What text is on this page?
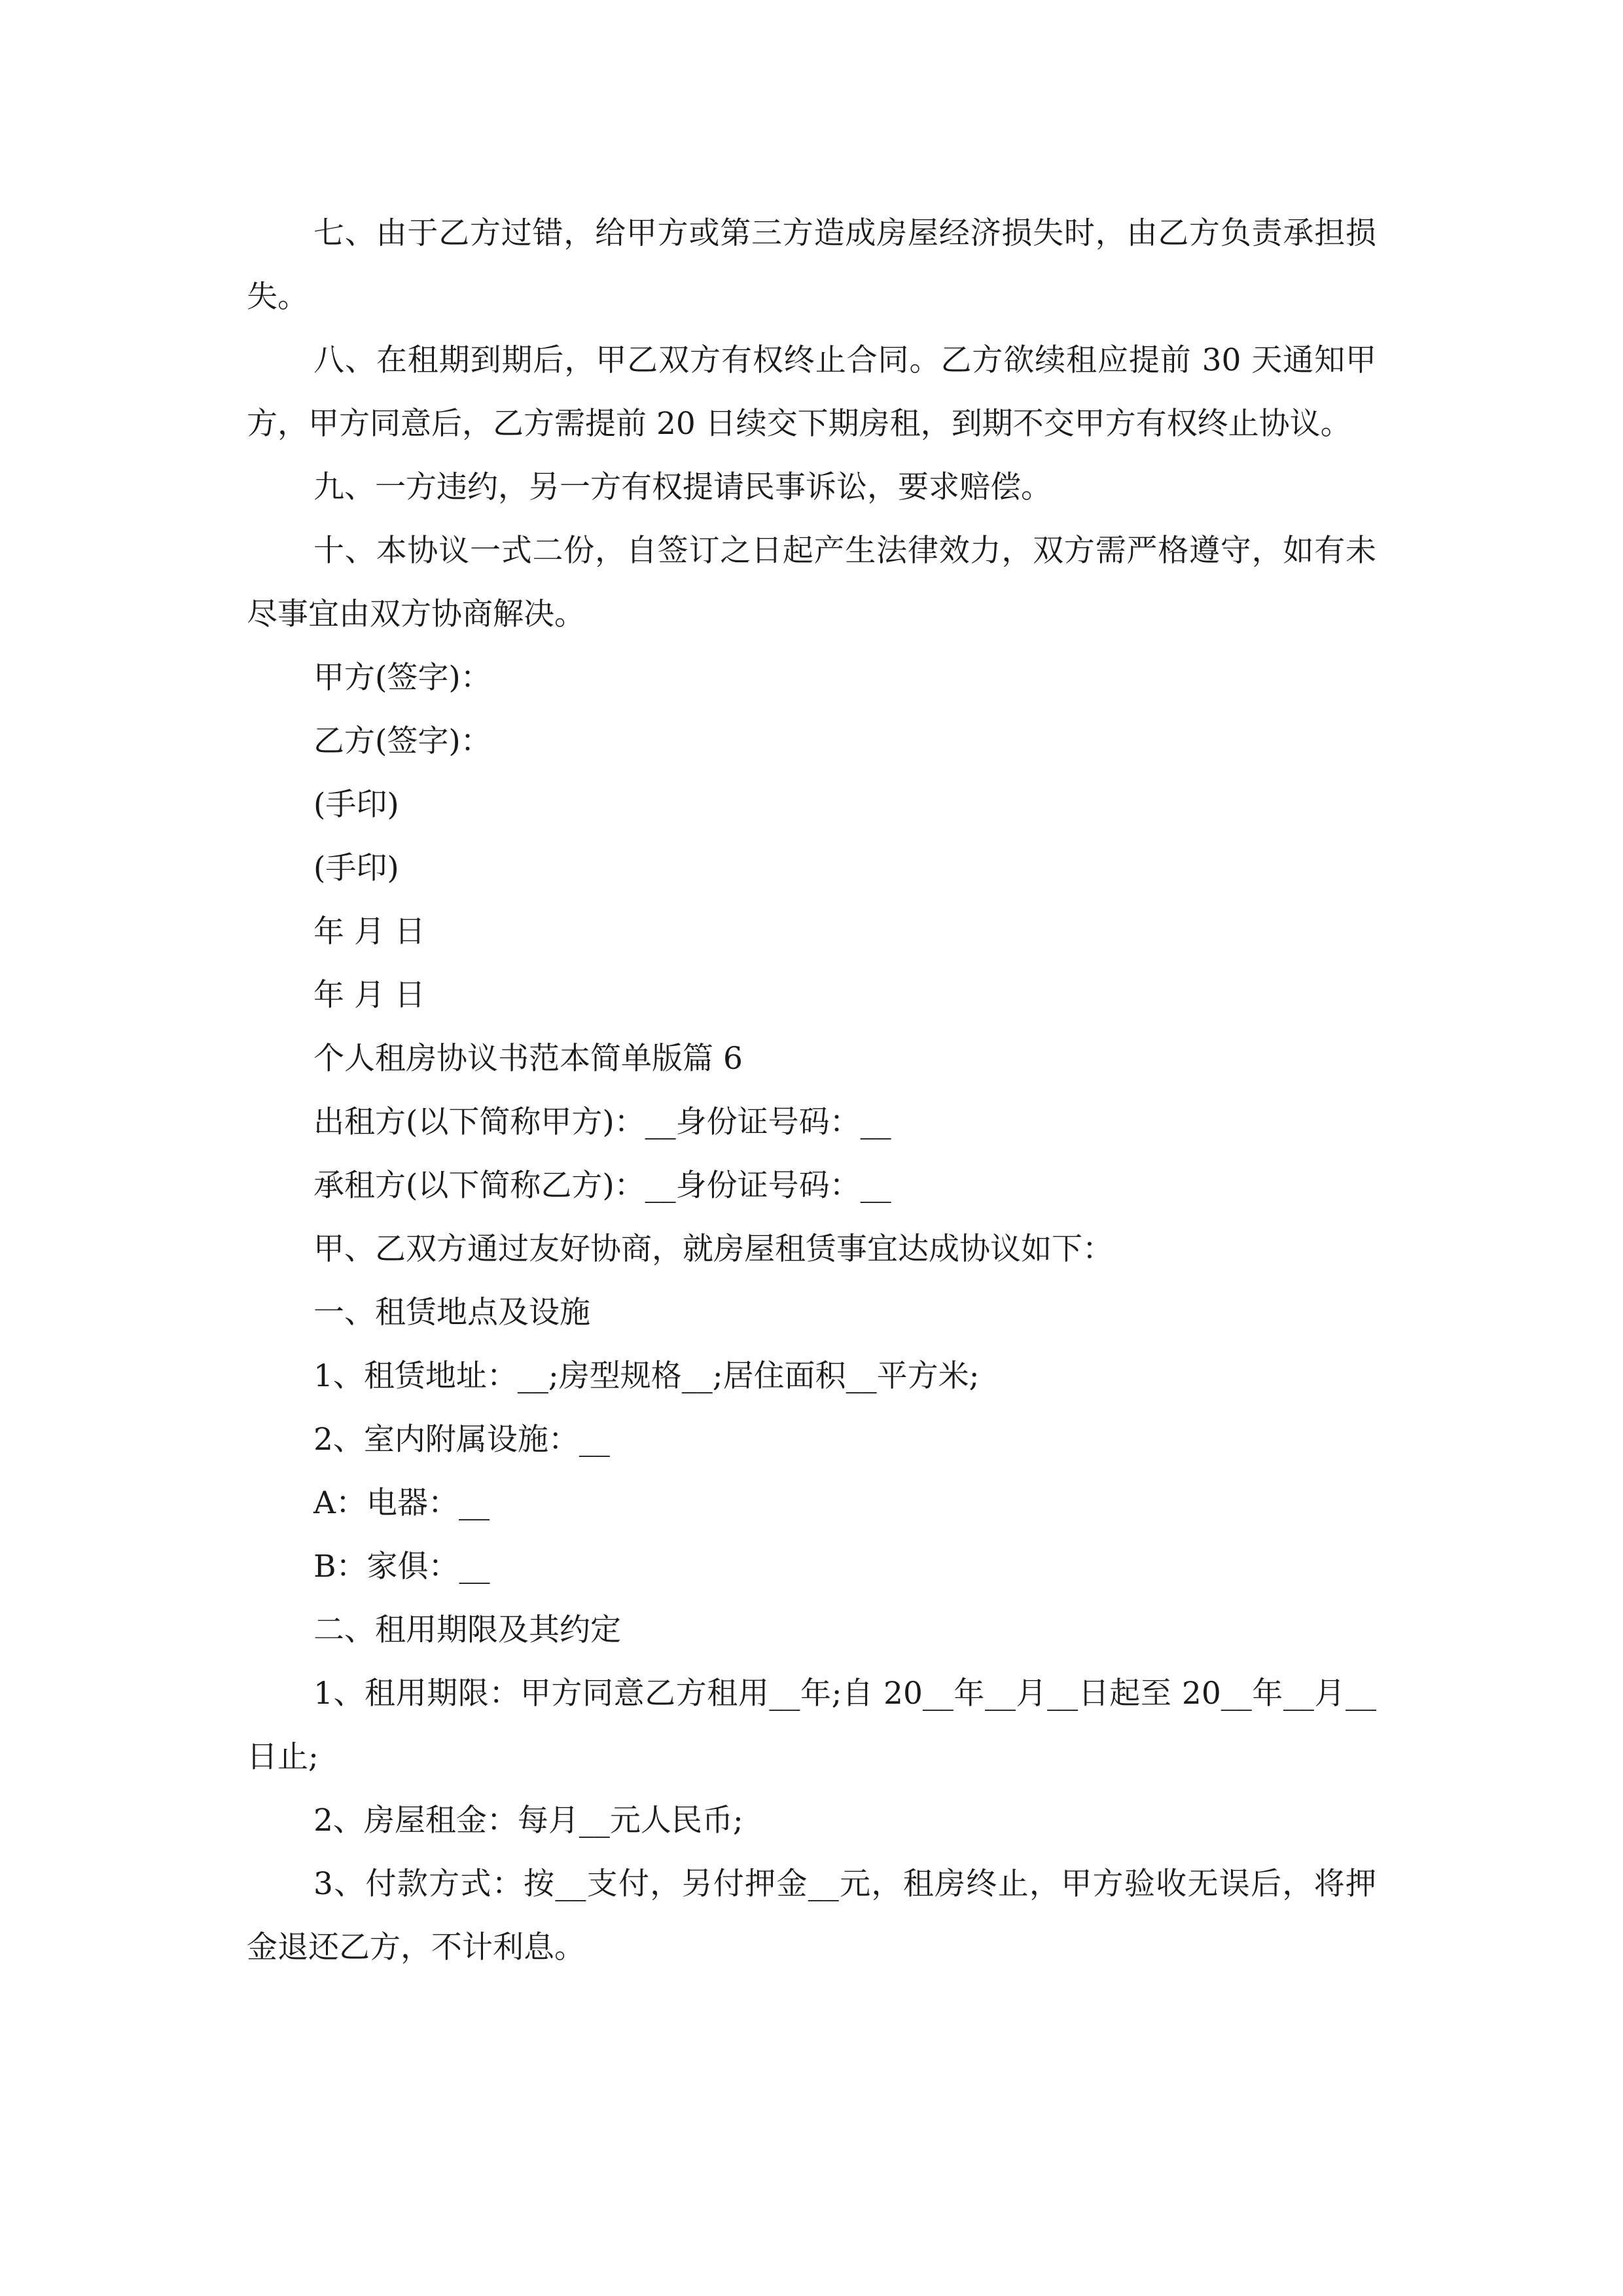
七、由于乙方过错，给甲方或第三方造成房屋经济损失时，由乙方负责承担损失。

八、在租期到期后，甲乙双方有权终止合同。乙方欲续租应提前 30 天通知甲方，甲方同意后，乙方需提前 20 日续交下期房租，到期不交甲方有权终止协议。

九、一方违约，另一方有权提请民事诉讼，要求赔偿。

十、本协议一式二份，自签订之日起产生法律效力，双方需严格遵守，如有未尽事宜由双方协商解决。

甲方(签字)：

乙方(签字)：

(手印)

(手印)

年 月 日

年 月 日

个人租房协议书范本简单版篇 6

出租方(以下简称甲方)：__身份证号码：__

承租方(以下简称乙方)：__身份证号码：__

甲、乙双方通过友好协商，就房屋租赁事宜达成协议如下：

一、租赁地点及设施

1、租赁地址：__;房型规格__;居住面积__平方米;

2、室内附属设施：__

A：电器：__

B：家俱：__

二、租用期限及其约定

1、租用期限：甲方同意乙方租用__年;自 20__年__月__日起至 20__年__月__日止;

2、房屋租金：每月__元人民币;

3、付款方式：按__支付，另付押金__元，租房终止，甲方验收无误后，将押金退还乙方，不计利息。
